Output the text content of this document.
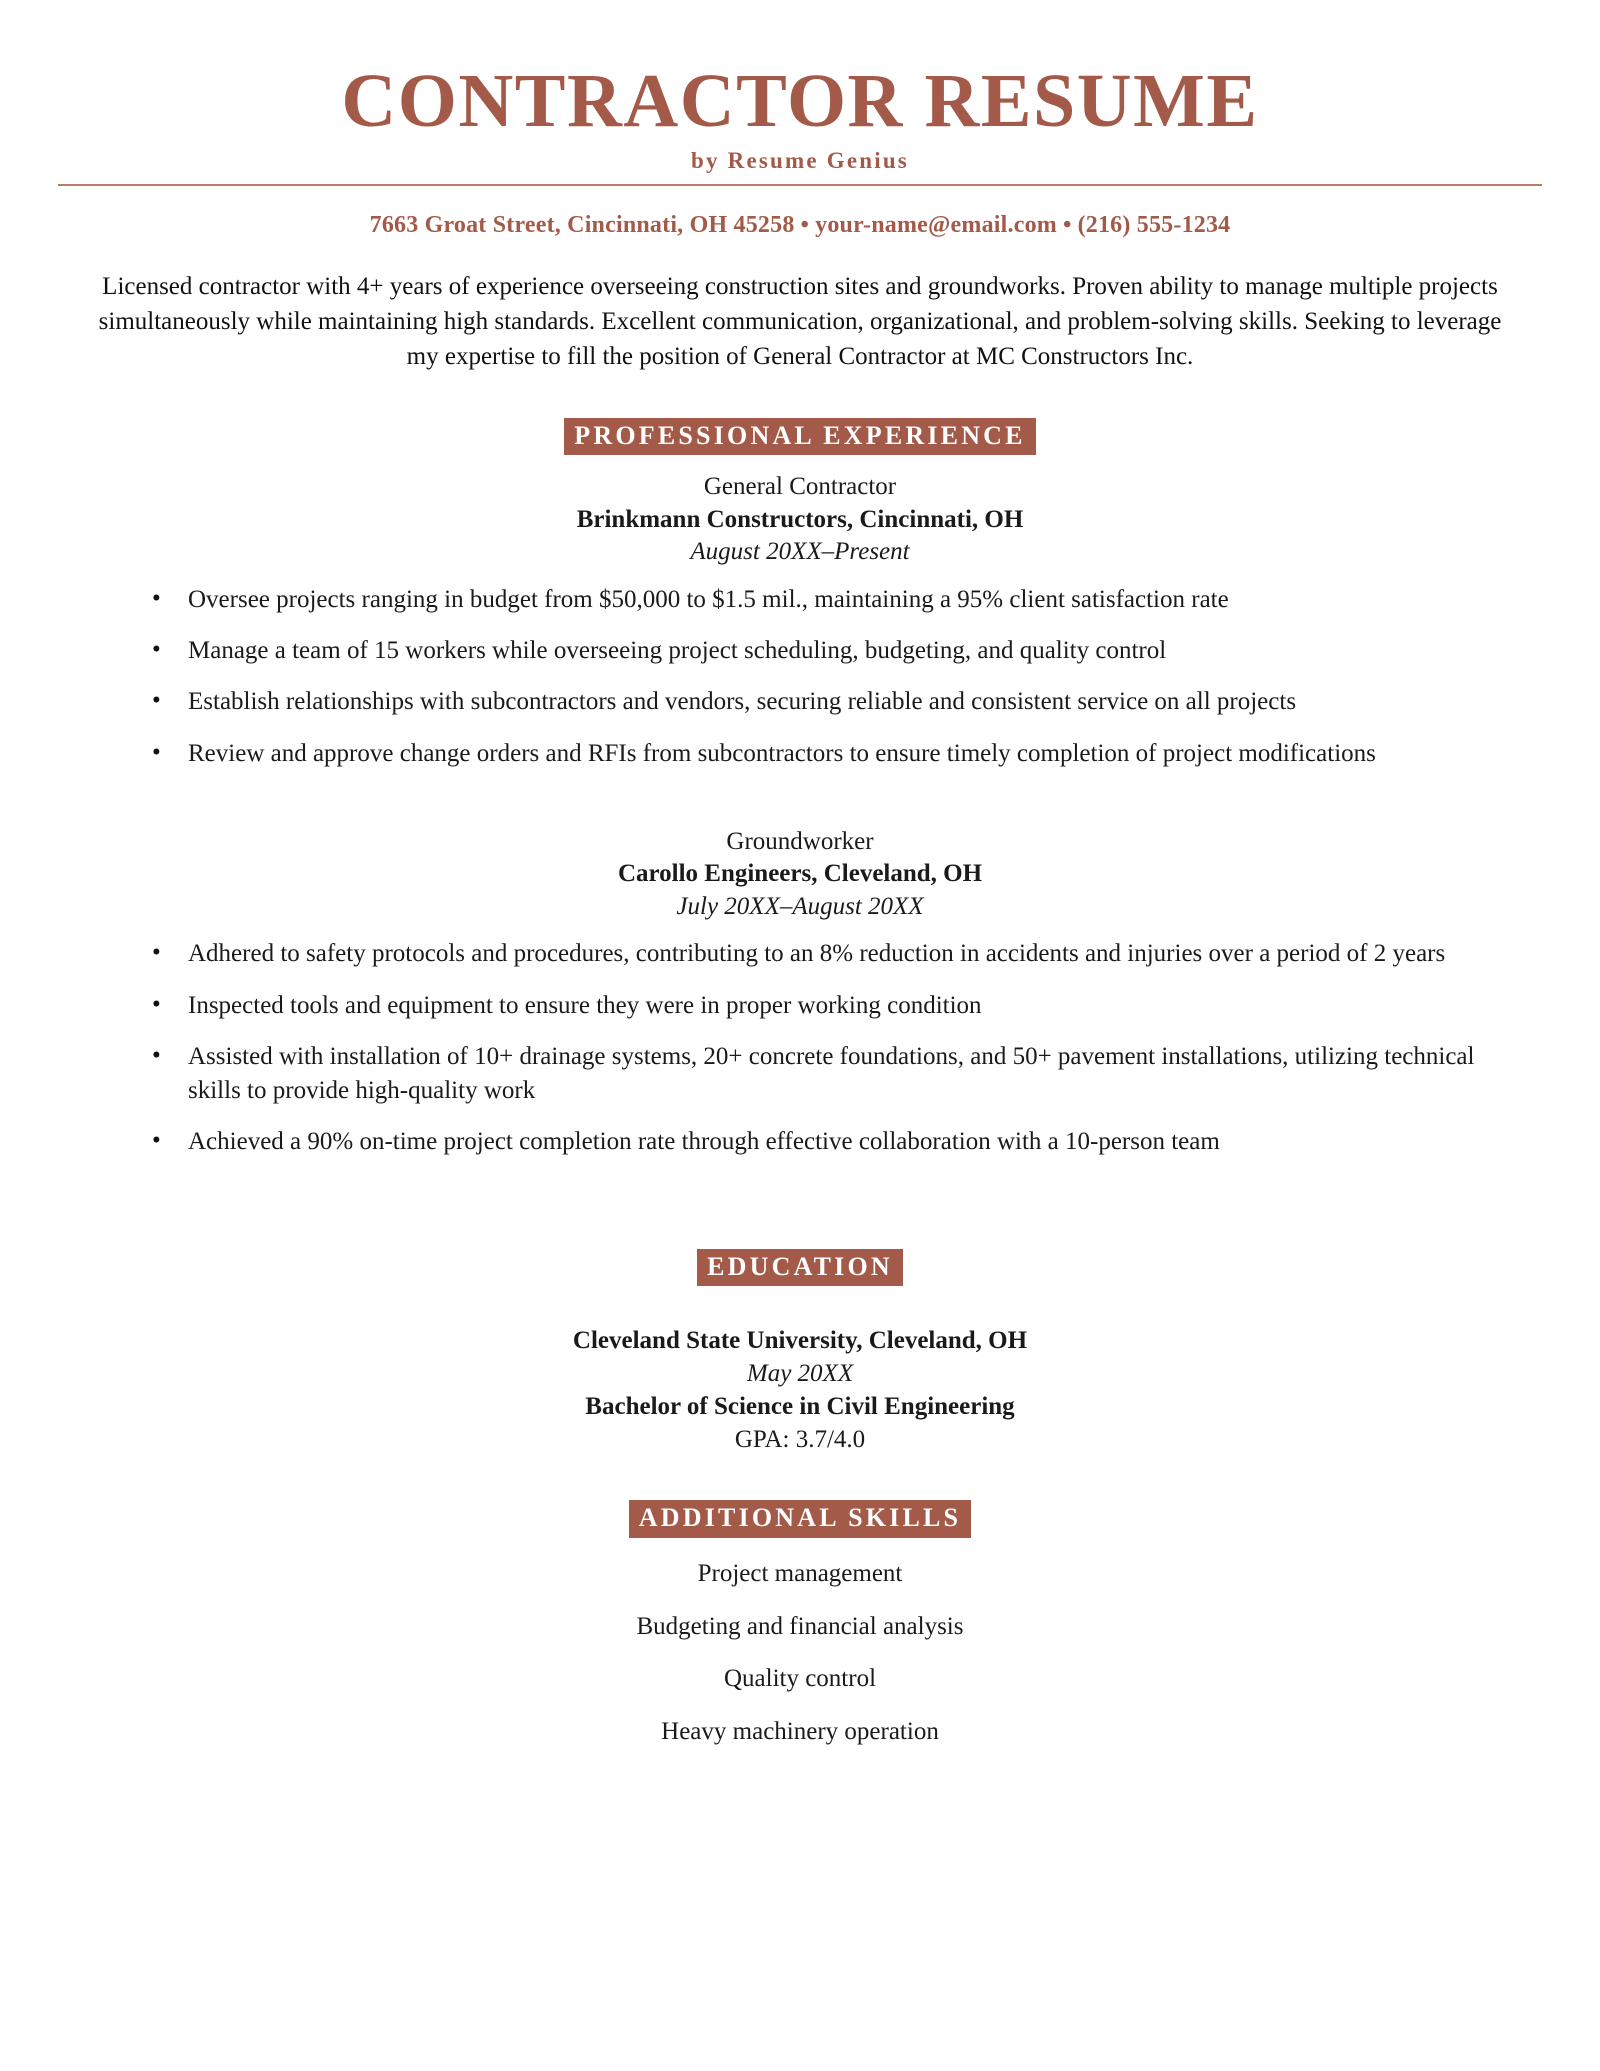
CONTRACTOR RESUME
by Resume Genius
7663 Groat Street, Cincinnati, OH 45258 • your-name@email.com • (216) 555-1234

Licensed contractor with 4+ years of experience overseeing construction sites and groundworks. Proven ability to manage multiple projects simultaneously while maintaining high standards. Excellent communication, organizational, and problem-solving skills. Seeking to leverage my expertise to fill the position of General Contractor at MC Constructors Inc.

PROFESSIONAL EXPERIENCE
General Contractor
Brinkmann Constructors, Cincinnati, OH
August 20XX–Present
• Oversee projects ranging in budget from $50,000 to $1.5 mil., maintaining a 95% client satisfaction rate
• Manage a team of 15 workers while overseeing project scheduling, budgeting, and quality control
• Establish relationships with subcontractors and vendors, securing reliable and consistent service on all projects
• Review and approve change orders and RFIs from subcontractors to ensure timely completion of project modifications
Groundworker
Carollo Engineers, Cleveland, OH
July 20XX–August 20XX
• Adhered to safety protocols and procedures, contributing to an 8% reduction in accidents and injuries over a period of 2 years
• Inspected tools and equipment to ensure they were in proper working condition
• Assisted with installation of 10+ drainage systems, 20+ concrete foundations, and 50+ pavement installations, utilizing technical skills to provide high-quality work
• Achieved a 90% on-time project completion rate through effective collaboration with a 10-person team
EDUCATION
Cleveland State University, Cleveland, OH
May 20XX
Bachelor of Science in Civil Engineering
GPA: 3.7/4.0
ADDITIONAL SKILLS
Project management
Budgeting and financial analysis
Quality control
Heavy machinery operation
